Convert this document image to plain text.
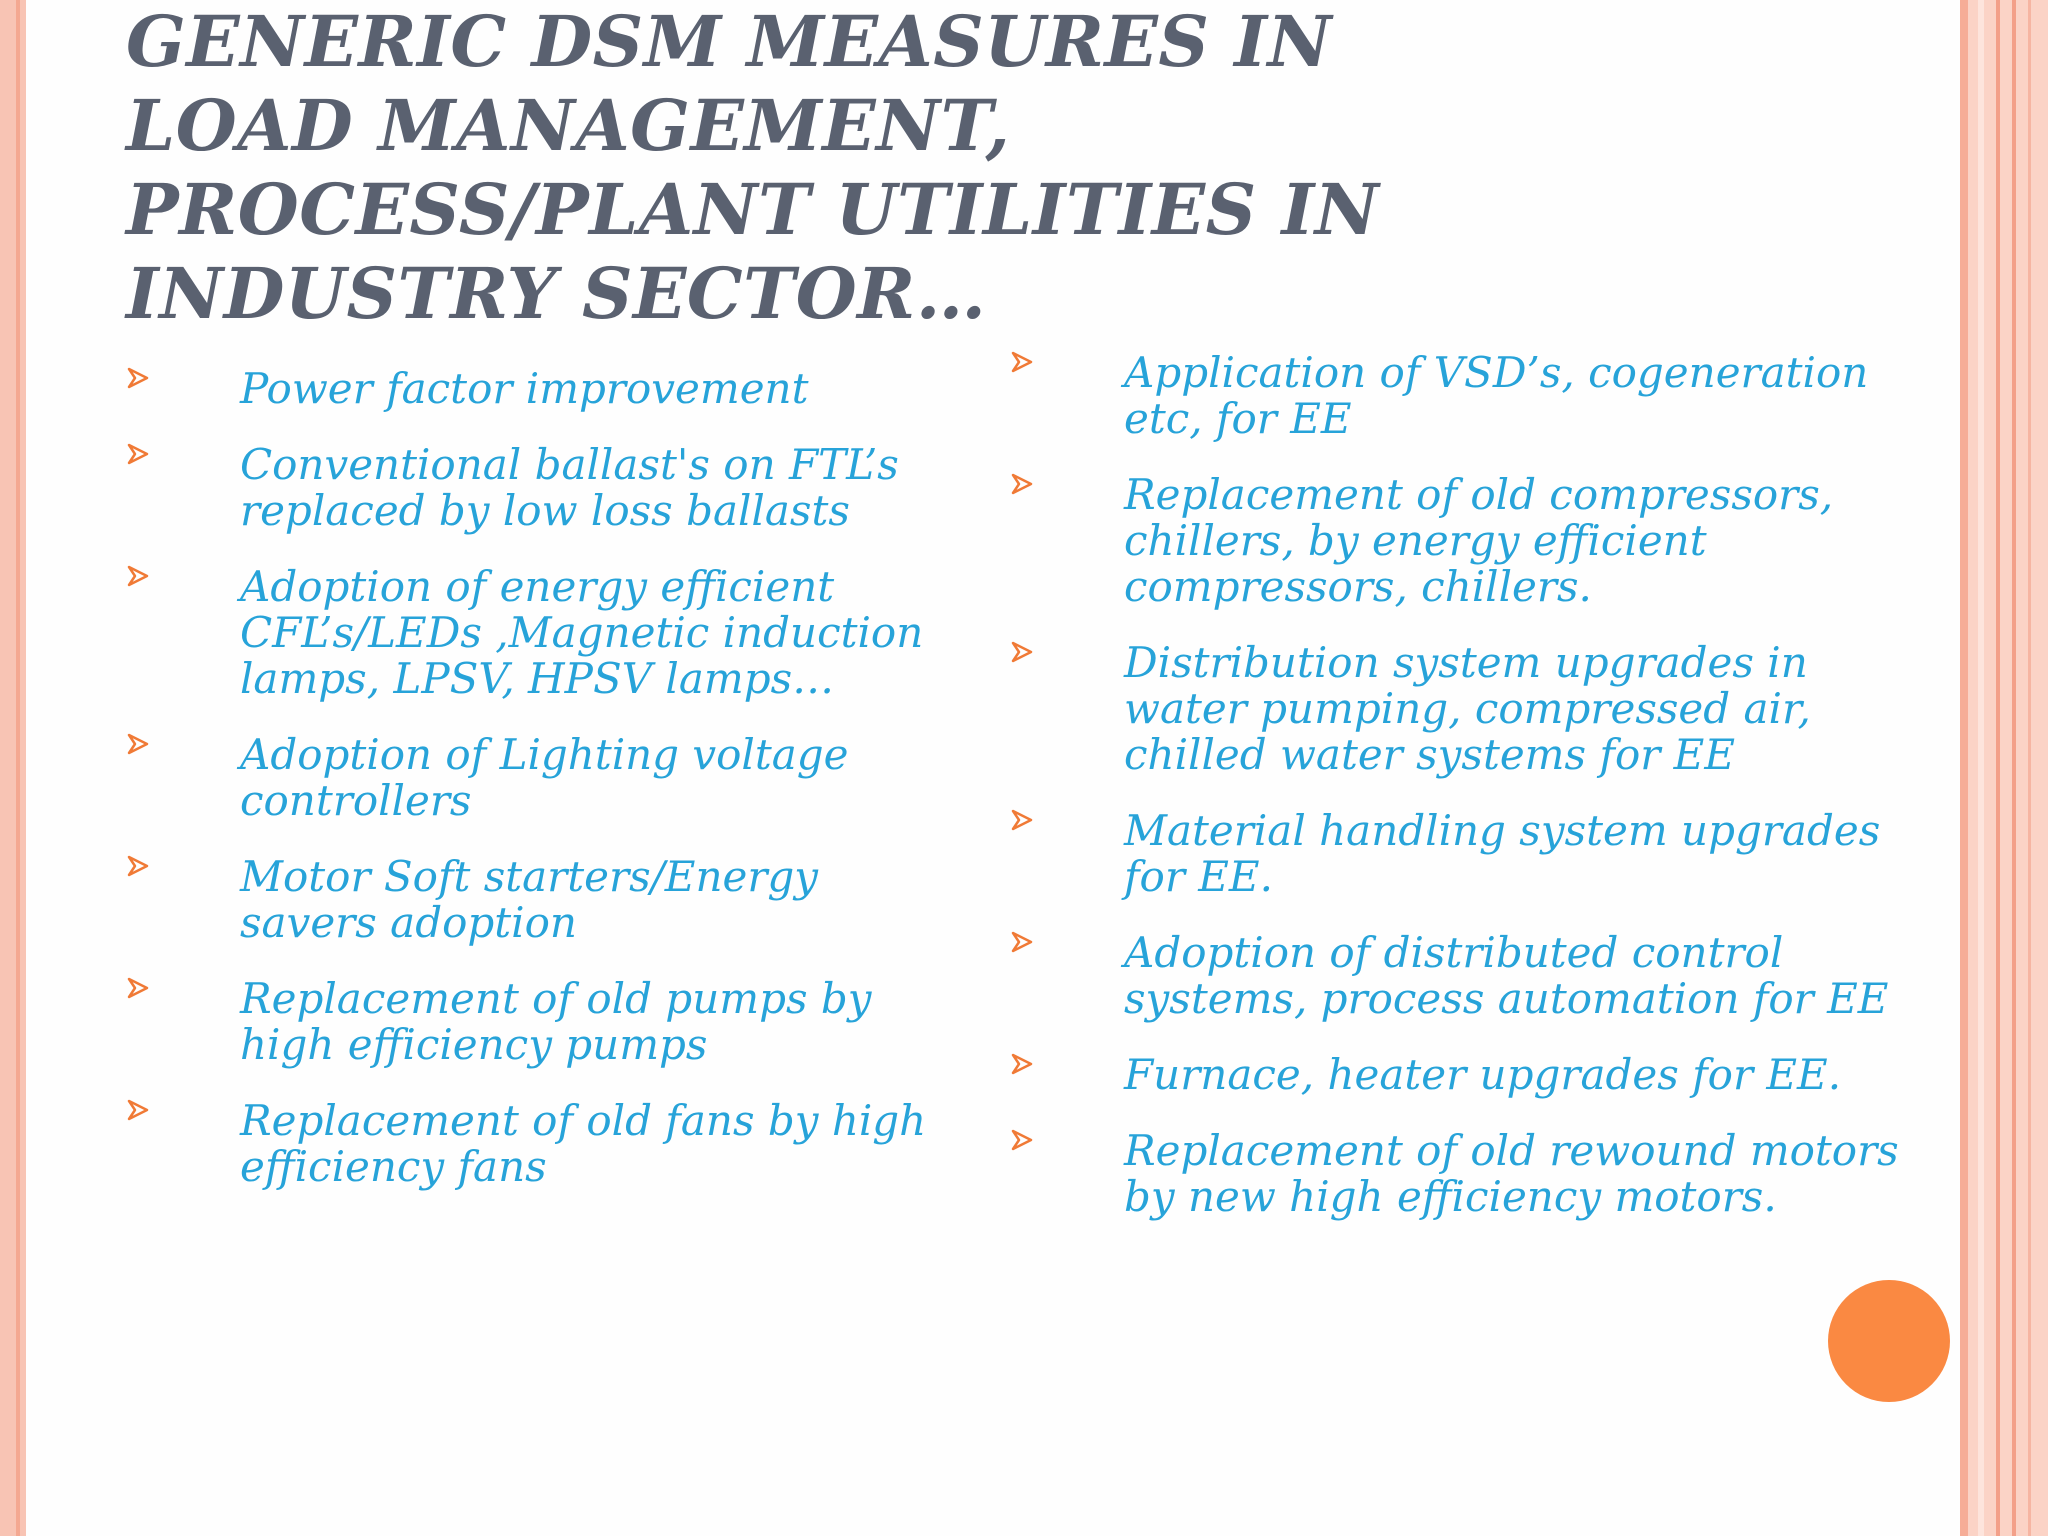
GENERIC DSM MEASURES IN LOAD MANAGEMENT, PROCESS/PLANT UTILITIES IN INDUSTRY SECTOR…
Power factor improvement
Conventional ballast's on FTL’s replaced by low loss ballasts
Adoption of energy efficient CFL’s/LEDs ,Magnetic induction lamps, LPSV, HPSV lamps…
Adoption of Lighting voltage controllers
Motor Soft starters/Energy savers adoption
Replacement of old pumps by high efficiency pumps
Replacement of old fans by high efficiency fans
Application of VSD’s, cogeneration etc, for EE
Replacement of old compressors, chillers, by energy efficient compressors, chillers.
Distribution system upgrades in water pumping, compressed air, chilled water systems for EE
Material handling system upgrades for EE.
Adoption of distributed control systems, process automation for EE
Furnace, heater upgrades for EE.
Replacement of old rewound motors by new high efficiency motors.
